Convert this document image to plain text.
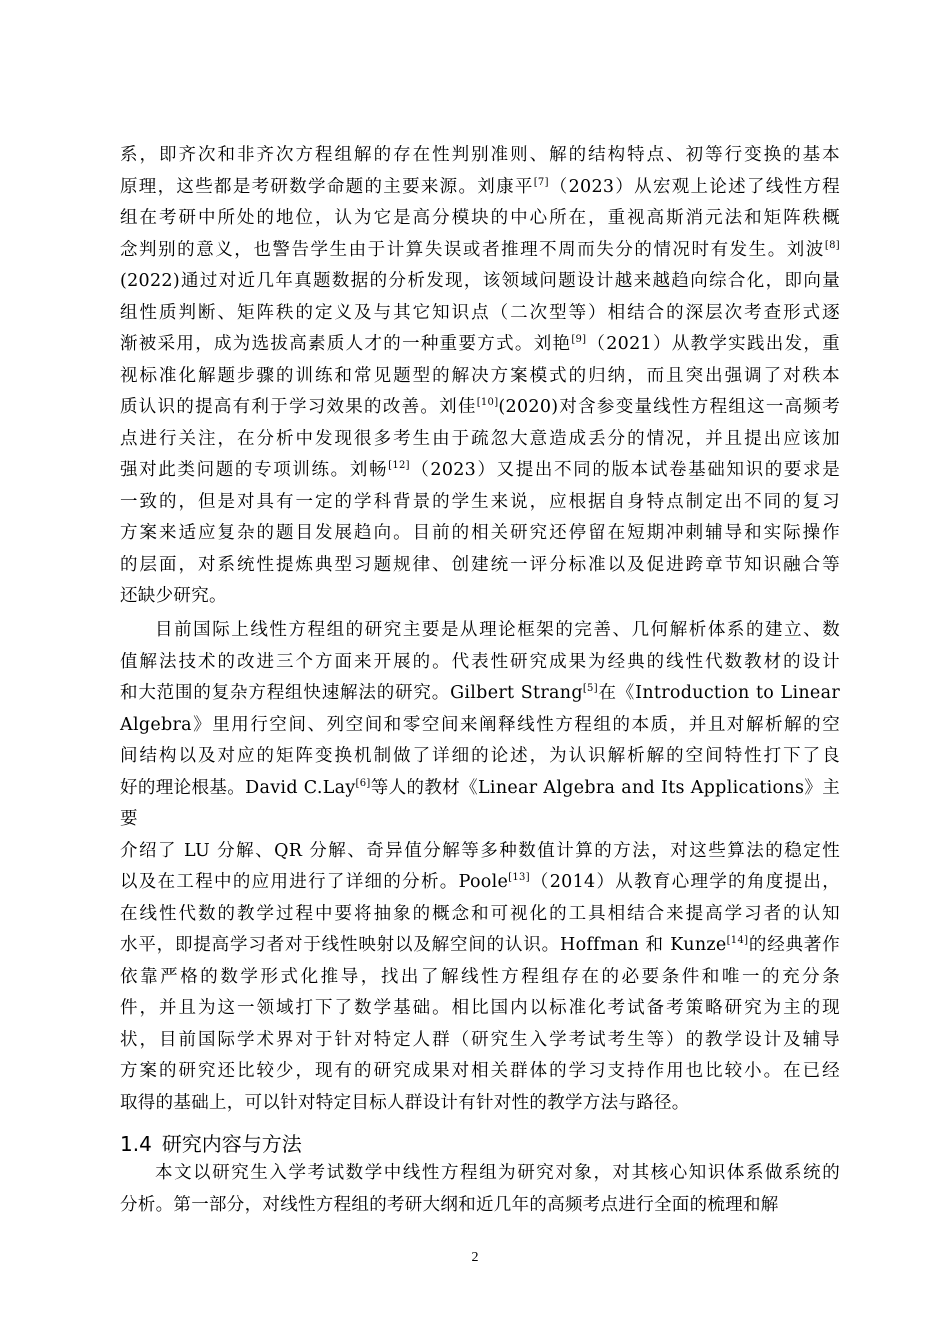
系，即齐次和非齐次方程组解的存在性判别准则、解的结构特点、初等行变换的基本
原理，这些都是考研数学命题的主要来源。刘康平[7]（2023）从宏观上论述了线性方程
组在考研中所处的地位，认为它是高分模块的中心所在，重视高斯消元法和矩阵秩概
念判别的意义，也警告学生由于计算失误或者推理不周而失分的情况时有发生。刘波[8]
(2022)通过对近几年真题数据的分析发现，该领域问题设计越来越趋向综合化，即向量
组性质判断、矩阵秩的定义及与其它知识点（二次型等）相结合的深层次考查形式逐
渐被采用，成为选拔高素质人才的一种重要方式。刘艳[9]（2021）从教学实践出发，重
视标准化解题步骤的训练和常见题型的解决方案模式的归纳，而且突出强调了对秩本
质认识的提高有利于学习效果的改善。刘佳[10](2020)对含参变量线性方程组这一高频考
点进行关注，在分析中发现很多考生由于疏忽大意造成丢分的情况，并且提出应该加
强对此类问题的专项训练。刘畅[12]（2023）又提出不同的版本试卷基础知识的要求是
一致的，但是对具有一定的学科背景的学生来说，应根据自身特点制定出不同的复习
方案来适应复杂的题目发展趋向。目前的相关研究还停留在短期冲刺辅导和实际操作
的层面，对系统性提炼典型习题规律、创建统一评分标准以及促进跨章节知识融合等
还缺少研究。
目前国际上线性方程组的研究主要是从理论框架的完善、几何解析体系的建立、数
值解法技术的改进三个方面来开展的。代表性研究成果为经典的线性代数教材的设计
和大范围的复杂方程组快速解法的研究。Gilbert Strang[5]在《Introduction to Linear
Algebra》里用行空间、列空间和零空间来阐释线性方程组的本质，并且对解析解的空
间结构以及对应的矩阵变换机制做了详细的论述，为认识解析解的空间特性打下了良
好的理论根基。David C.Lay[6]等人的教材《Linear Algebra and Its Applications》主要
介绍了 LU 分解、QR 分解、奇异值分解等多种数值计算的方法，对这些算法的稳定性
以及在工程中的应用进行了详细的分析。Poole[13]（2014）从教育心理学的角度提出，
在线性代数的教学过程中要将抽象的概念和可视化的工具相结合来提高学习者的认知
水平，即提高学习者对于线性映射以及解空间的认识。Hoffman 和 Kunze[14]的经典著作
依靠严格的数学形式化推导，找出了解线性方程组存在的必要条件和唯一的充分条
件，并且为这一领域打下了数学基础。相比国内以标准化考试备考策略研究为主的现
状，目前国际学术界对于针对特定人群（研究生入学考试考生等）的教学设计及辅导
方案的研究还比较少，现有的研究成果对相关群体的学习支持作用也比较小。在已经
取得的基础上，可以针对特定目标人群设计有针对性的教学方法与路径。
1.4 研究内容与方法
本文以研究生入学考试数学中线性方程组为研究对象，对其核心知识体系做系统的
分析。第一部分，对线性方程组的考研大纲和近几年的高频考点进行全面的梳理和解
2
